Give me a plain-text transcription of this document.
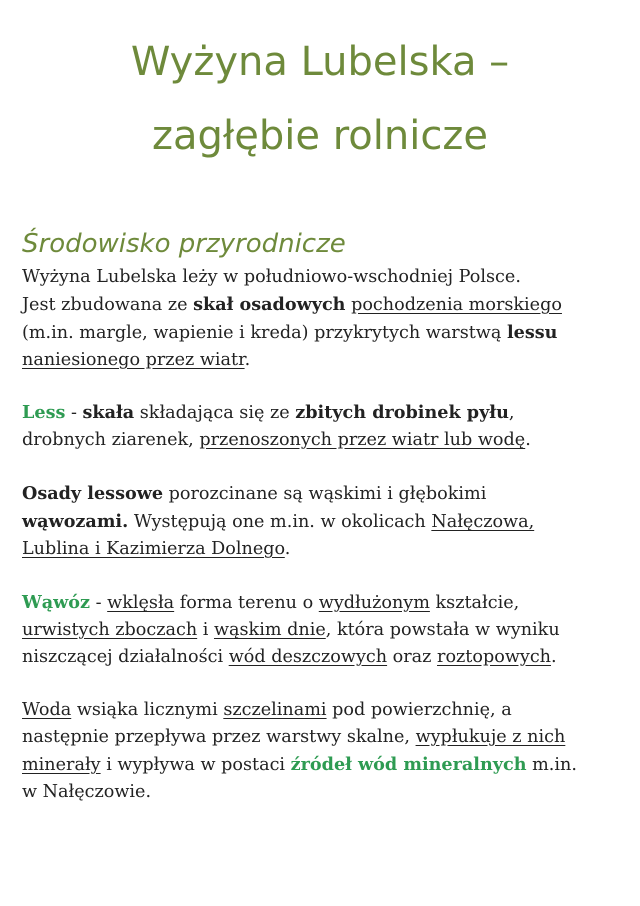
Wyżyna Lubelska –
zagłębie rolnicze
Środowisko przyrodnicze
Wyżyna Lubelska leży w południowo-wschodniej Polsce.
Jest zbudowana ze skał osadowych pochodzenia morskiego
(m.in. margle, wapienie i kreda) przykrytych warstwą lessu
naniesionego przez wiatr.
Less - skała składająca się ze zbitych drobinek pyłu,
drobnych ziarenek, przenoszonych przez wiatr lub wodę.
Osady lessowe porozcinane są wąskimi i głębokimi
wąwozami. Występują one m.in. w okolicach Nałęczowa,
Lublina i Kazimierza Dolnego.
Wąwóz - wklęsła forma terenu o wydłużonym kształcie,
urwistych zboczach i wąskim dnie, która powstała w wyniku
niszczącej działalności wód deszczowych oraz roztopowych.
Woda wsiąka licznymi szczelinami pod powierzchnię, a
następnie przepływa przez warstwy skalne, wypłukuje z nich
minerały i wypływa w postaci źródeł wód mineralnych m.in.
w Nałęczowie.
